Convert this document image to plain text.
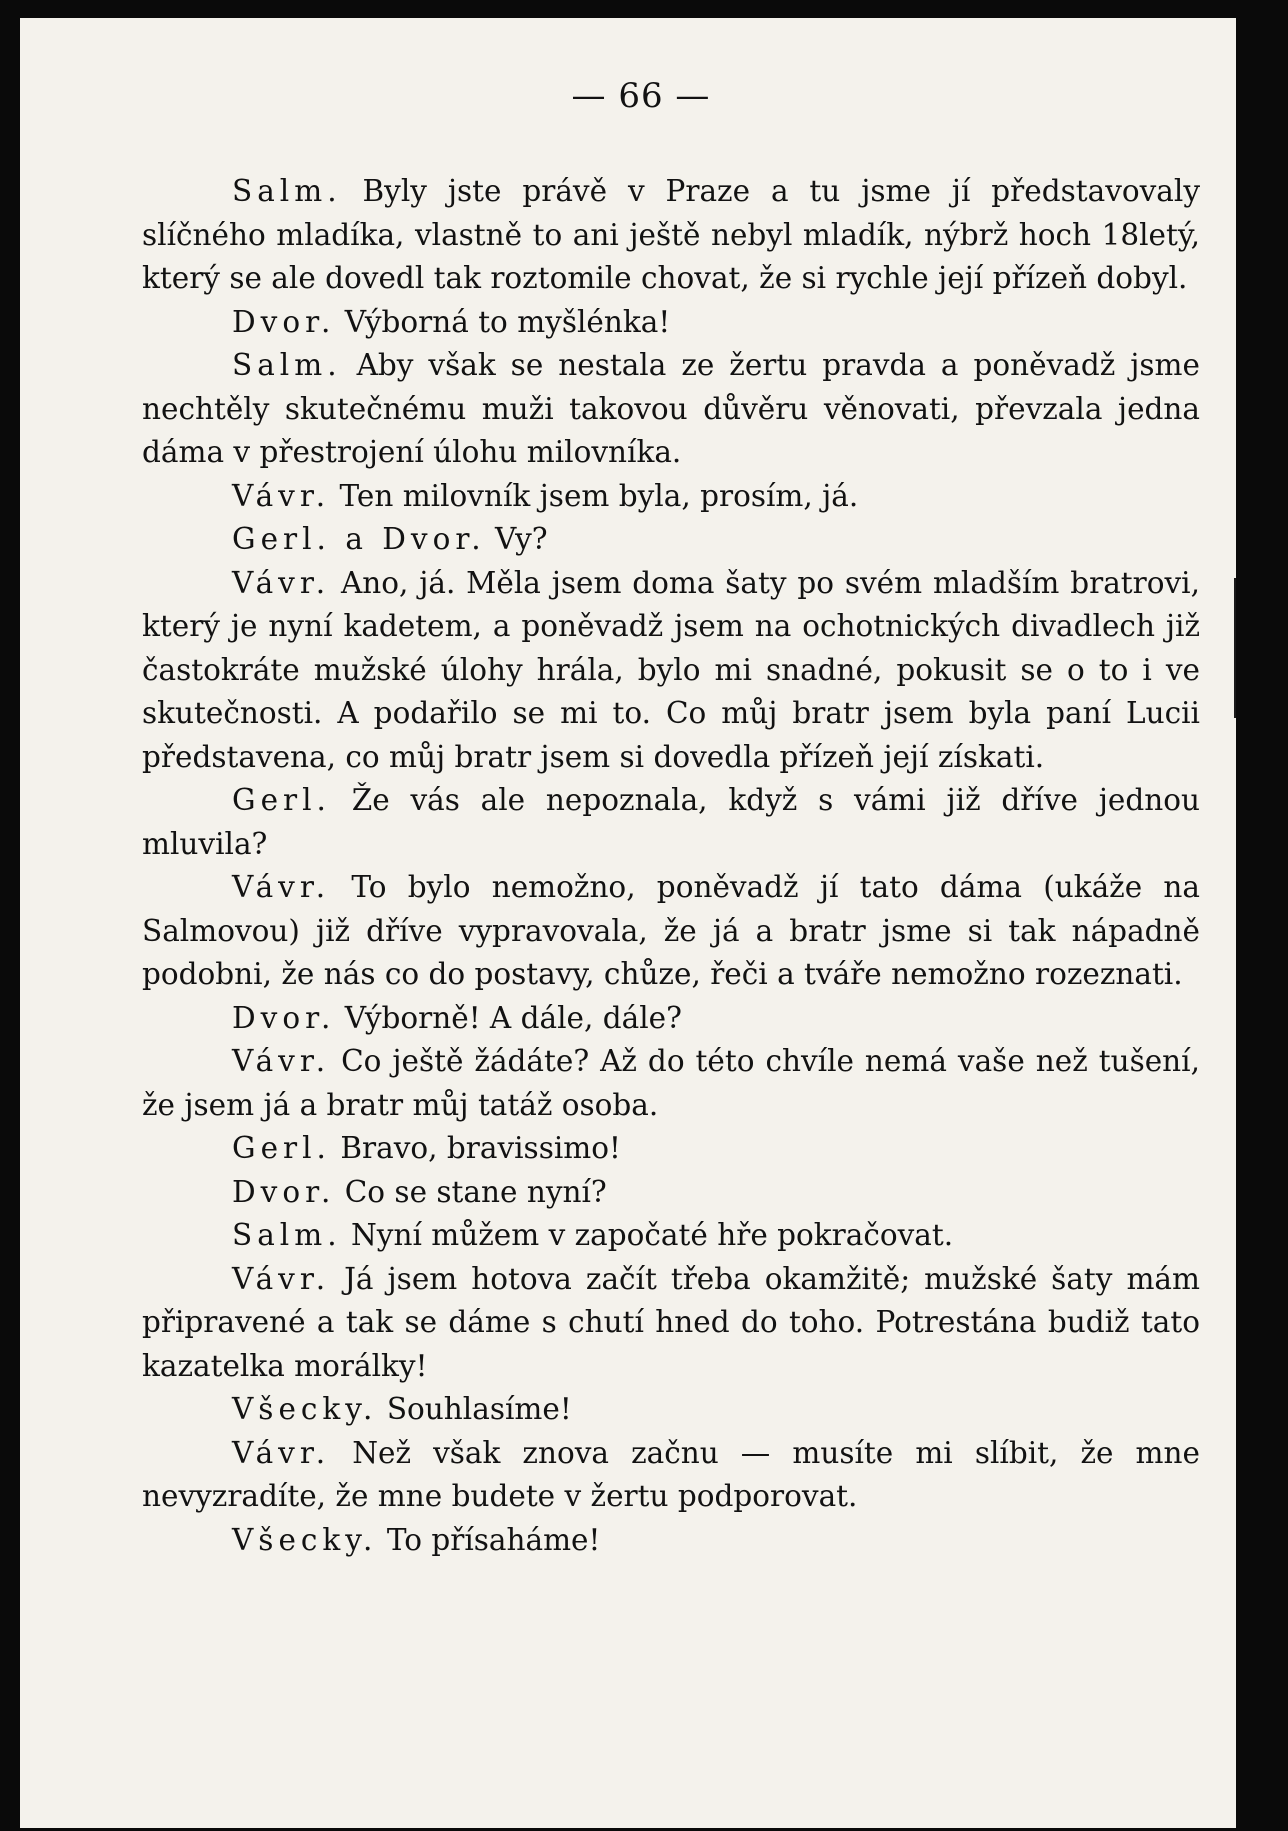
— 66 —

Salm. Byly jste právě v Praze a tu jsme jí představovaly slíčného mladíka, vlastně to ani ještě nebyl mladík, nýbrž hoch 18letý, který se ale dovedl tak roztomile chovat, že si rychle její přízeň dobyl.

Dvor. Výborná to myšlénka!

Salm. Aby však se nestala ze žertu pravda a poněvadž jsme nechtěly skutečnému muži takovou důvěru věnovati, převzala jedna dáma v přestrojení úlohu milovníka.

Vávr. Ten milovník jsem byla, prosím, já.

Gerl. a Dvor. Vy?

Vávr. Ano, já. Měla jsem doma šaty po svém mladším bratrovi, který je nyní kadetem, a poněvadž jsem na ochotnických divadlech již častokráte mužské úlohy hrála, bylo mi snadné, pokusit se o to i ve skutečnosti. A podařilo se mi to. Co můj bratr jsem byla paní Lucii představena, co můj bratr jsem si dovedla přízeň její získati.

Gerl. Že vás ale nepoznala, když s vámi již dříve jednou mluvila?

Vávr. To bylo nemožno, poněvadž jí tato dáma (ukáže na Salmovou) již dříve vypravovala, že já a bratr jsme si tak nápadně podobni, že nás co do postavy, chůze, řeči a tváře nemožno rozeznati.

Dvor. Výborně! A dále, dále?

Vávr. Co ještě žádáte? Až do této chvíle nemá vaše než tušení, že jsem já a bratr můj tatáž osoba.

Gerl. Bravo, bravissimo!

Dvor. Co se stane nyní?

Salm. Nyní můžem v započaté hře pokračovat.

Vávr. Já jsem hotova začít třeba okamžitě; mužské šaty mám připravené a tak se dáme s chutí hned do toho. Potrestána budiž tato kazatelka morálky!

Všecky. Souhlasíme!

Vávr. Než však znova začnu — musíte mi slíbit, že mne nevyzradíte, že mne budete v žertu podporovat.

Všecky. To přísaháme!
